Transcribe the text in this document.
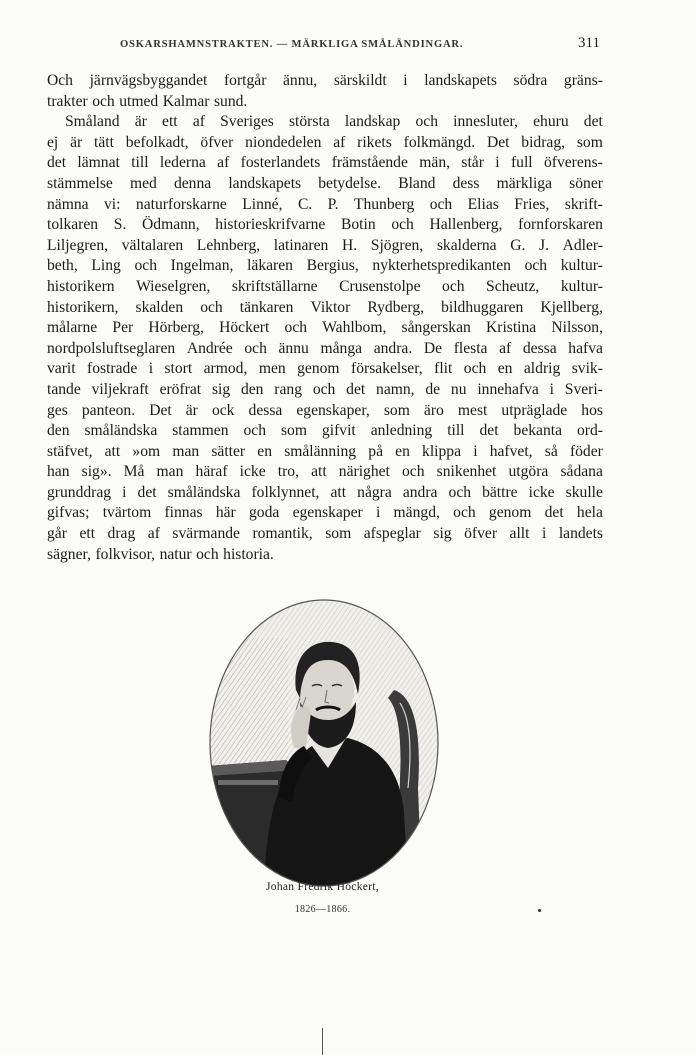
OSKARSHAMNSTRAKTEN. — MÄRKLIGA SMÅLÄNDINGAR.	311
Och järnvägsbyggandet fortgår ännu, särskildt i landskapets södra gräns-
trakter och utmed Kalmar sund.
Småland är ett af Sveriges största landskap och innesluter, ehuru det
ej är tätt befolkadt, öfver niondedelen af rikets folkmängd. Det bidrag, som
det lämnat till lederna af fosterlandets främstående män, står i full öfverens-
stämmelse med denna landskapets betydelse. Bland dess märkliga söner
nämna vi: naturforskarne Linné, C. P. Thunberg och Elias Fries, skrift-
tolkaren S. Ödmann, historieskrifvarne Botin och Hallenberg, fornforskaren
Liljegren, vältalaren Lehnberg, latinaren H. Sjögren, skalderna G. J. Adler-
beth, Ling och Ingelman, läkaren Bergius, nykterhetspredikanten och kultur-
historikern Wieselgren, skriftställarne Crusenstolpe och Scheutz, kultur-
historikern, skalden och tänkaren Viktor Rydberg, bildhuggaren Kjellberg,
målarne Per Hörberg, Höckert och Wahlbom, sångerskan Kristina Nilsson,
nordpolsluftseglaren Andrée och ännu många andra. De flesta af dessa hafva
varit fostrade i stort armod, men genom försakelser, flit och en aldrig svik-
tande viljekraft eröfrat sig den rang och det namn, de nu innehafva i Sveri-
ges panteon. Det är ock dessa egenskaper, som äro mest utpräglade hos
den småländska stammen och som gifvit anledning till det bekanta ord-
stäfvet, att »om man sätter en smålänning på en klippa i hafvet, så föder
han sig». Må man häraf icke tro, att närighet och snikenhet utgöra sådana
grunddrag i det småländska folklynnet, att några andra och bättre icke skulle
gifvas; tvärtom finnas här goda egenskaper i mängd, och genom det hela
går ett drag af svärmande romantik, som afspeglar sig öfver allt i landets
sägner, folkvisor, natur och historia.
Johan Fredrik Höckert,
1826—1866.
